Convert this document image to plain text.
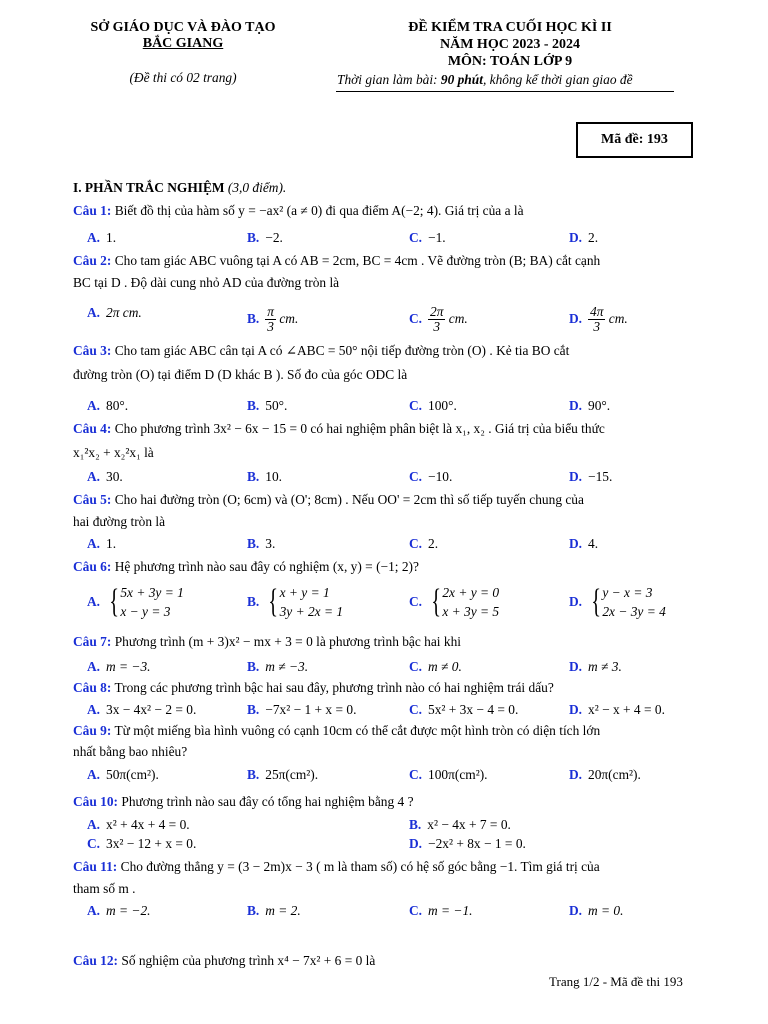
SỞ GIÁO DỤC VÀ ĐÀO TẠO
BẮC GIANG
(Đề thi có 02 trang)
ĐỀ KIỂM TRA CUỐI HỌC KÌ II
NĂM HỌC 2023 - 2024
MÔN: TOÁN LỚP 9
Thời gian làm bài: 90 phút, không kể thời gian giao đề
Mã đề: 193
I. PHẦN TRẮC NGHIỆM (3,0 điểm).
Câu 1: Biết đồ thị của hàm số y = −ax² (a ≠ 0) đi qua điểm A(−2; 4). Giá trị của a là
A. 1.	B. −2.	C. −1.	D. 2.
Câu 2: Cho tam giác ABC vuông tại A có AB = 2cm, BC = 4cm . Vẽ đường tròn (B; BA) cắt cạnh
BC tại D . Độ dài cung nhỏ AD của đường tròn là
A. 2π cm.	B. $\frac{\pi}{3}$ cm.	C. $\frac{2\pi}{3}$ cm.	D. $\frac{4\pi}{3}$ cm.
Câu 3: Cho tam giác ABC cân tại A có ∠ABC = 50° nội tiếp đường tròn (O) . Kẻ tia BO cắt
đường tròn (O) tại điểm D (D khác B ). Số đo của góc ODC là
A. 80°.	B. 50°.	C. 100°.	D. 90°.
Câu 4: Cho phương trình 3x² − 6x − 15 = 0 có hai nghiệm phân biệt là x₁, x₂ . Giá trị của biểu thức
x₁²x₂ + x₂²x₁ là
A. 30.	B. 10.	C. −10.	D. −15.
Câu 5: Cho hai đường tròn (O; 6cm) và (O'; 8cm) . Nếu OO' = 2cm thì số tiếp tuyến chung của
hai đường tròn là
A. 1.	B. 3.	C. 2.	D. 4.
Câu 6: Hệ phương trình nào sau đây có nghiệm (x, y) = (−1; 2)?
A. { 5x + 3y = 1
x − y = 3
B. { x + y = 1
3y + 2x = 1
C. { 2x + y = 0
x + 3y = 5
D. { y − x = 3
2x − 3y = 4
Câu 7: Phương trình (m + 3)x² − mx + 3 = 0 là phương trình bậc hai khi
A. m = −3.	B. m ≠ −3.	C. m ≠ 0.	D. m ≠ 3.
Câu 8: Trong các phương trình bậc hai sau đây, phương trình nào có hai nghiệm trái dấu?
A. 3x − 4x² − 2 = 0.	B. −7x² − 1 + x = 0.	C. 5x² + 3x − 4 = 0.	D. x² − x + 4 = 0.
Câu 9: Từ một miếng bìa hình vuông có cạnh 10cm có thể cắt được một hình tròn có diện tích lớn
nhất bằng bao nhiêu?
A. 50π(cm²).	B. 25π(cm²).	C. 100π(cm²).	D. 20π(cm²).
Câu 10: Phương trình nào sau đây có tổng hai nghiệm bằng 4 ?
A. x² + 4x + 4 = 0.	B. x² − 4x + 7 = 0.
C. 3x² − 12 + x = 0.	D. −2x² + 8x − 1 = 0.
Câu 11: Cho đường thẳng y = (3 − 2m)x − 3 ( m là tham số) có hệ số góc bằng −1. Tìm giá trị của
tham số m .
A. m = −2.	B. m = 2.	C. m = −1.	D. m = 0.
Câu 12: Số nghiệm của phương trình x⁴ − 7x² + 6 = 0 là
Trang 1/2 - Mã đề thi 193
